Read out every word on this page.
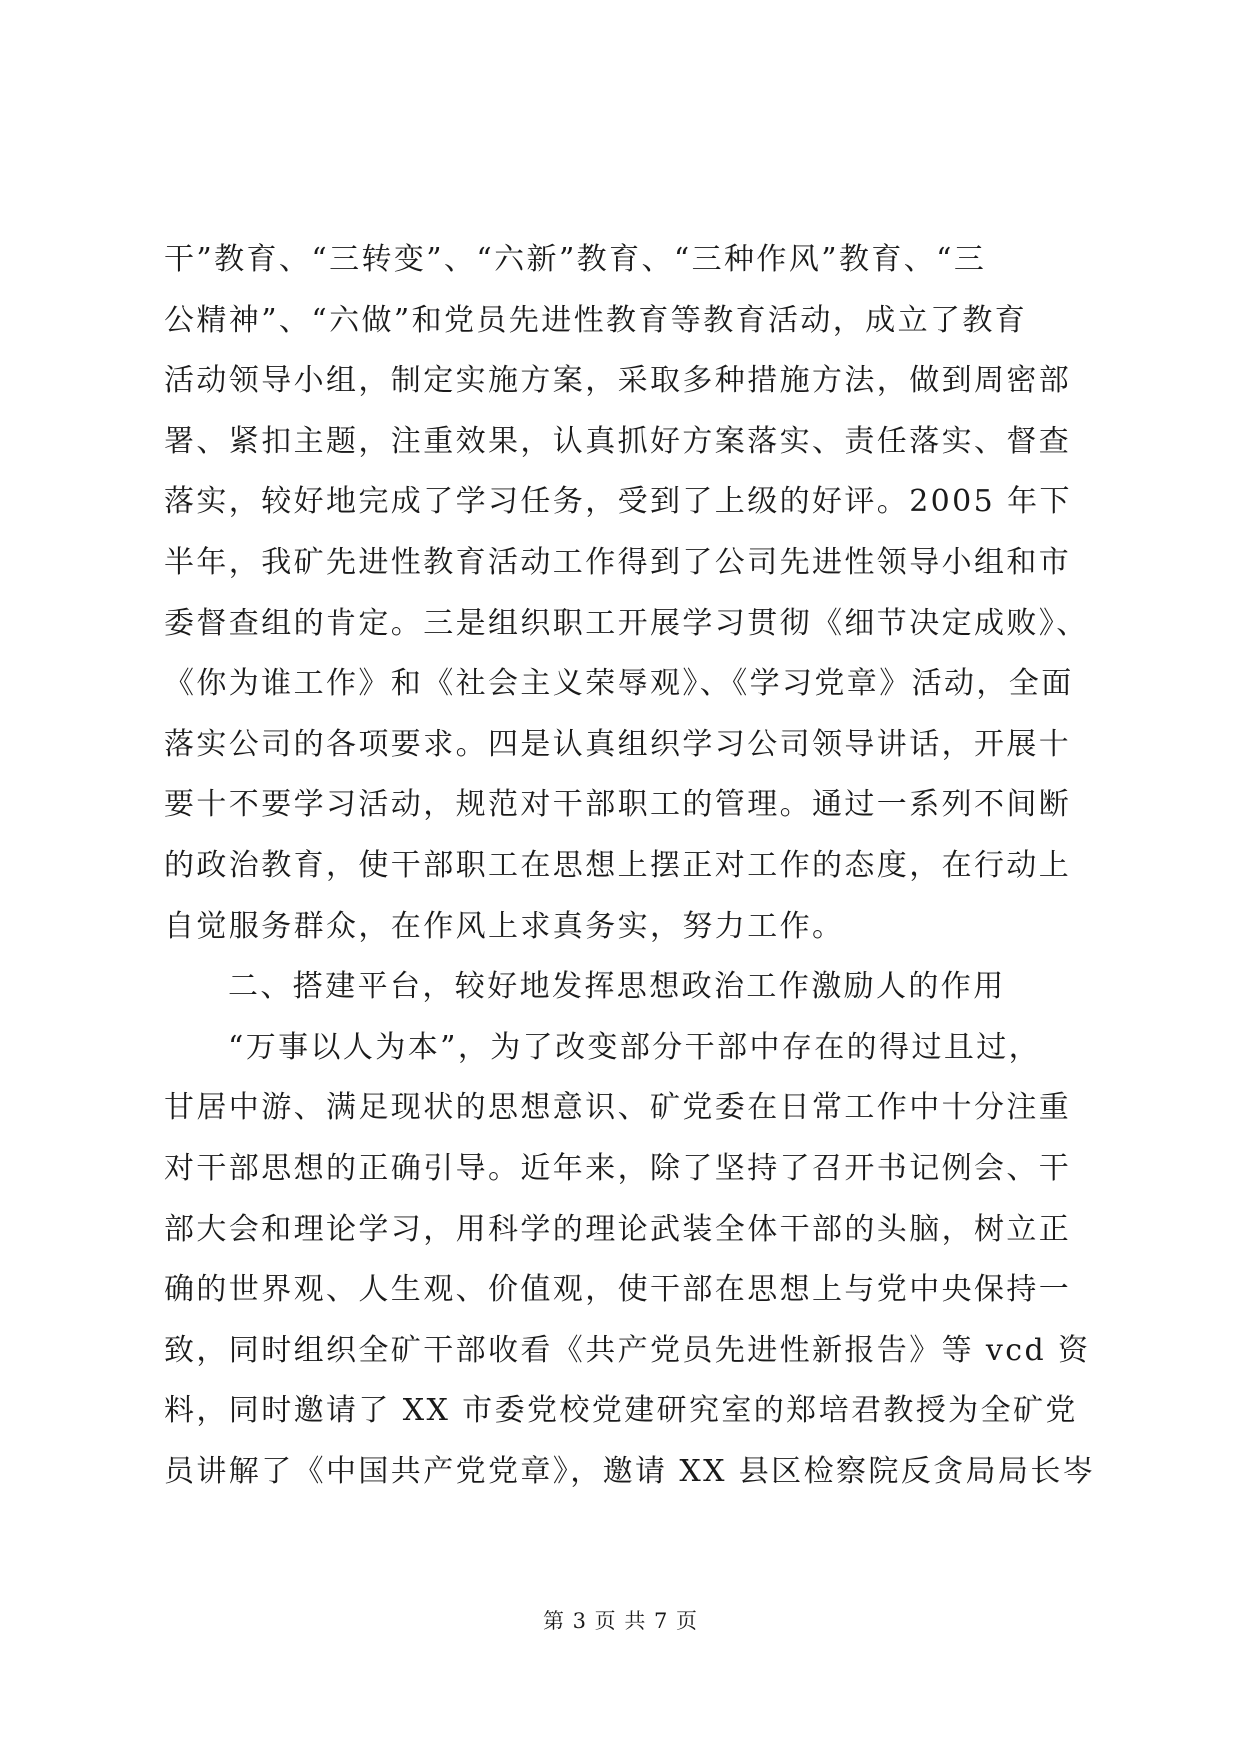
干”教育、“三转变”、“六新”教育、“三种作风”教育、“三
公精神”、“六做”和党员先进性教育等教育活动，成立了教育
活动领导小组，制定实施方案，采取多种措施方法，做到周密部
署、紧扣主题，注重效果，认真抓好方案落实、责任落实、督查
落实，较好地完成了学习任务，受到了上级的好评。2005 年下
半年，我矿先进性教育活动工作得到了公司先进性领导小组和市
委督查组的肯定。三是组织职工开展学习贯彻《细节决定成败》、
《你为谁工作》和《社会主义荣辱观》、《学习党章》活动，全面
落实公司的各项要求。四是认真组织学习公司领导讲话，开展十
要十不要学习活动，规范对干部职工的管理。通过一系列不间断
的政治教育，使干部职工在思想上摆正对工作的态度，在行动上
自觉服务群众，在作风上求真务实，努力工作。
二、搭建平台，较好地发挥思想政治工作激励人的作用
“万事以人为本”，为了改变部分干部中存在的得过且过，
甘居中游、满足现状的思想意识、矿党委在日常工作中十分注重
对干部思想的正确引导。近年来，除了坚持了召开书记例会、干
部大会和理论学习，用科学的理论武装全体干部的头脑，树立正
确的世界观、人生观、价值观，使干部在思想上与党中央保持一
致，同时组织全矿干部收看《共产党员先进性新报告》等 vcd 资
料，同时邀请了 XX 市委党校党建研究室的郑培君教授为全矿党
员讲解了《中国共产党党章》，邀请 XX 县区检察院反贪局局长岑
第 3 页 共 7 页
